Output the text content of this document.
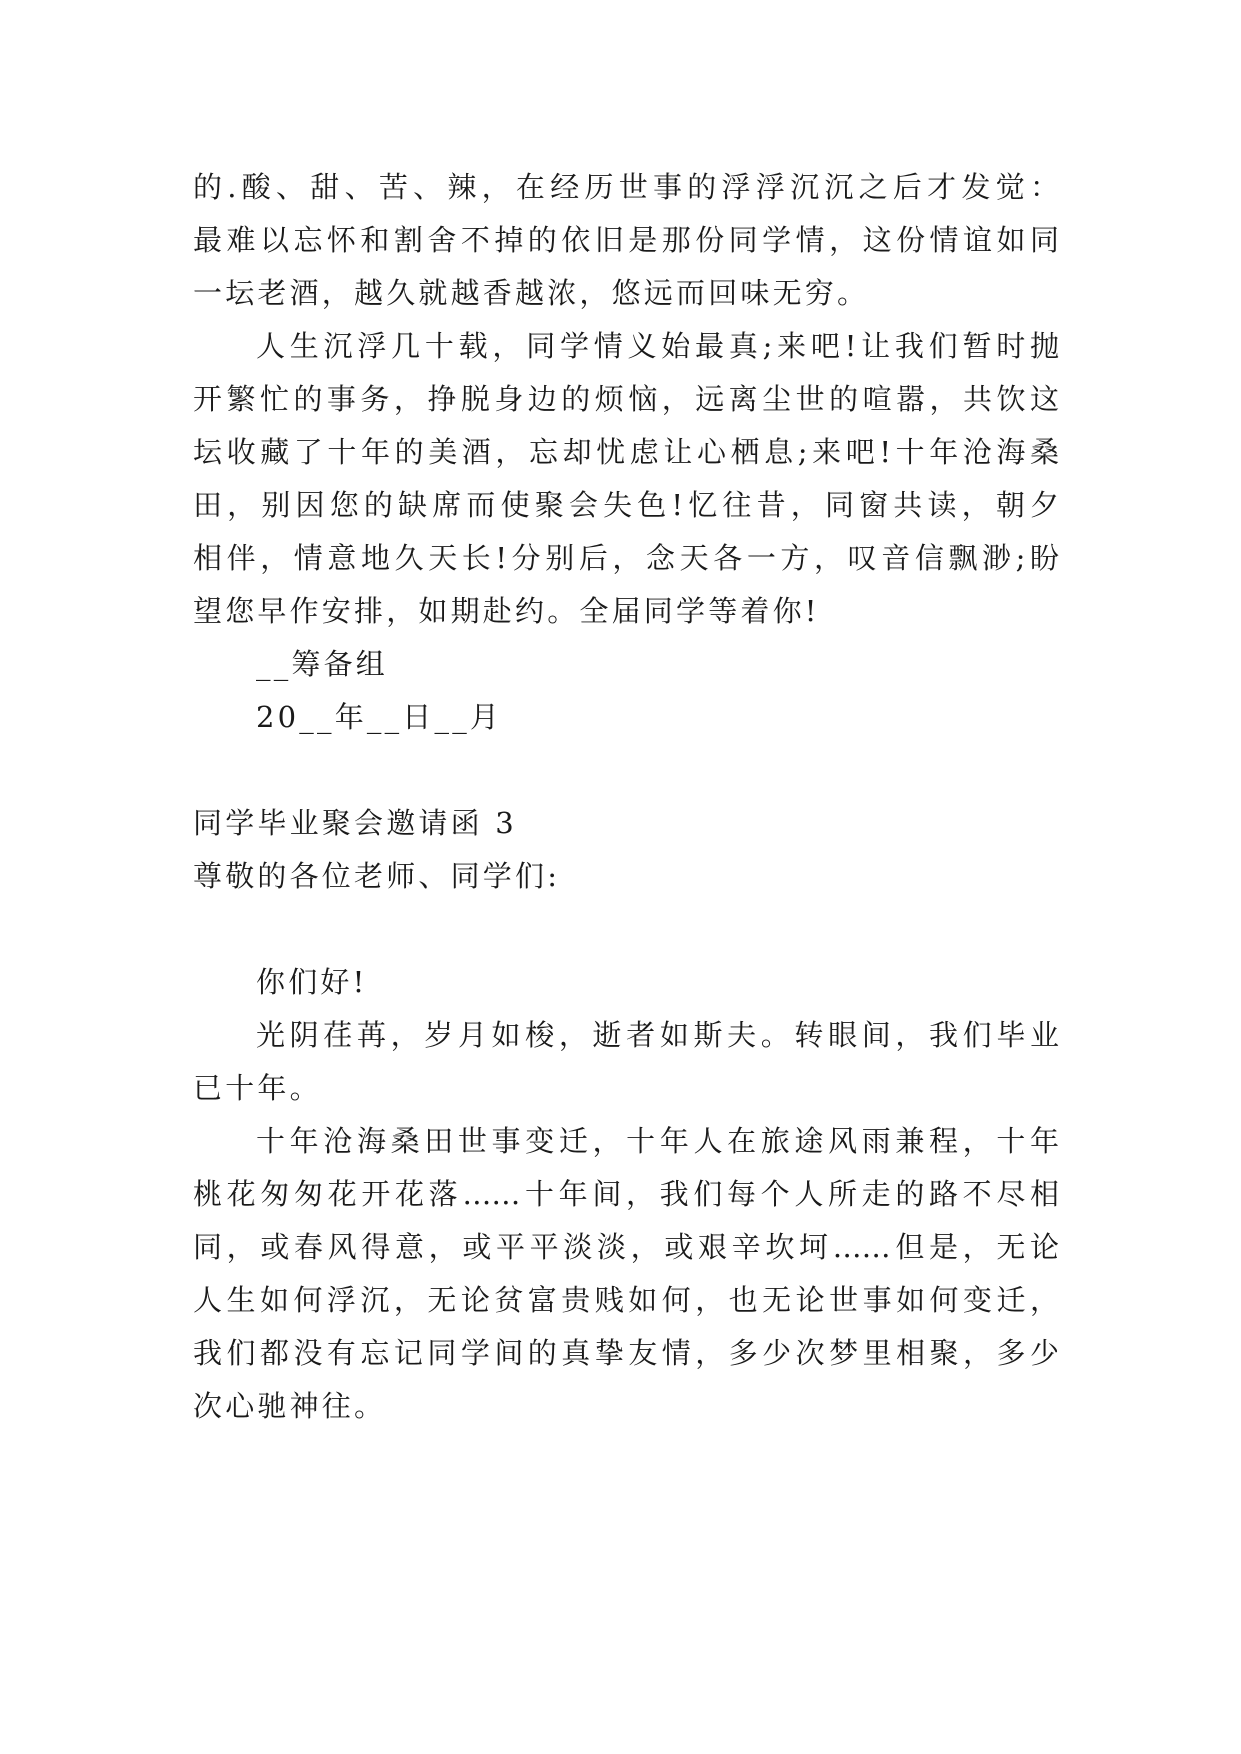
的.酸、甜、苦、辣，在经历世事的浮浮沉沉之后才发觉：
最难以忘怀和割舍不掉的依旧是那份同学情，这份情谊如同
一坛老酒，越久就越香越浓，悠远而回味无穷。
人生沉浮几十载，同学情义始最真;来吧!让我们暂时抛
开繁忙的事务，挣脱身边的烦恼，远离尘世的喧嚣，共饮这
坛收藏了十年的美酒，忘却忧虑让心栖息;来吧!十年沧海桑
田，别因您的缺席而使聚会失色!忆往昔，同窗共读，朝夕
相伴，情意地久天长!分别后，念天各一方，叹音信飘渺;盼
望您早作安排，如期赴约。全届同学等着你!
__筹备组
20__年__日__月
同学毕业聚会邀请函 3
尊敬的各位老师、同学们:
你们好!
光阴荏苒，岁月如梭，逝者如斯夫。转眼间，我们毕业
已十年。
十年沧海桑田世事变迁，十年人在旅途风雨兼程，十年
桃花匆匆花开花落……十年间，我们每个人所走的路不尽相
同，或春风得意，或平平淡淡，或艰辛坎坷……但是，无论
人生如何浮沉，无论贫富贵贱如何，也无论世事如何变迁，
我们都没有忘记同学间的真挚友情，多少次梦里相聚，多少
次心驰神往。
